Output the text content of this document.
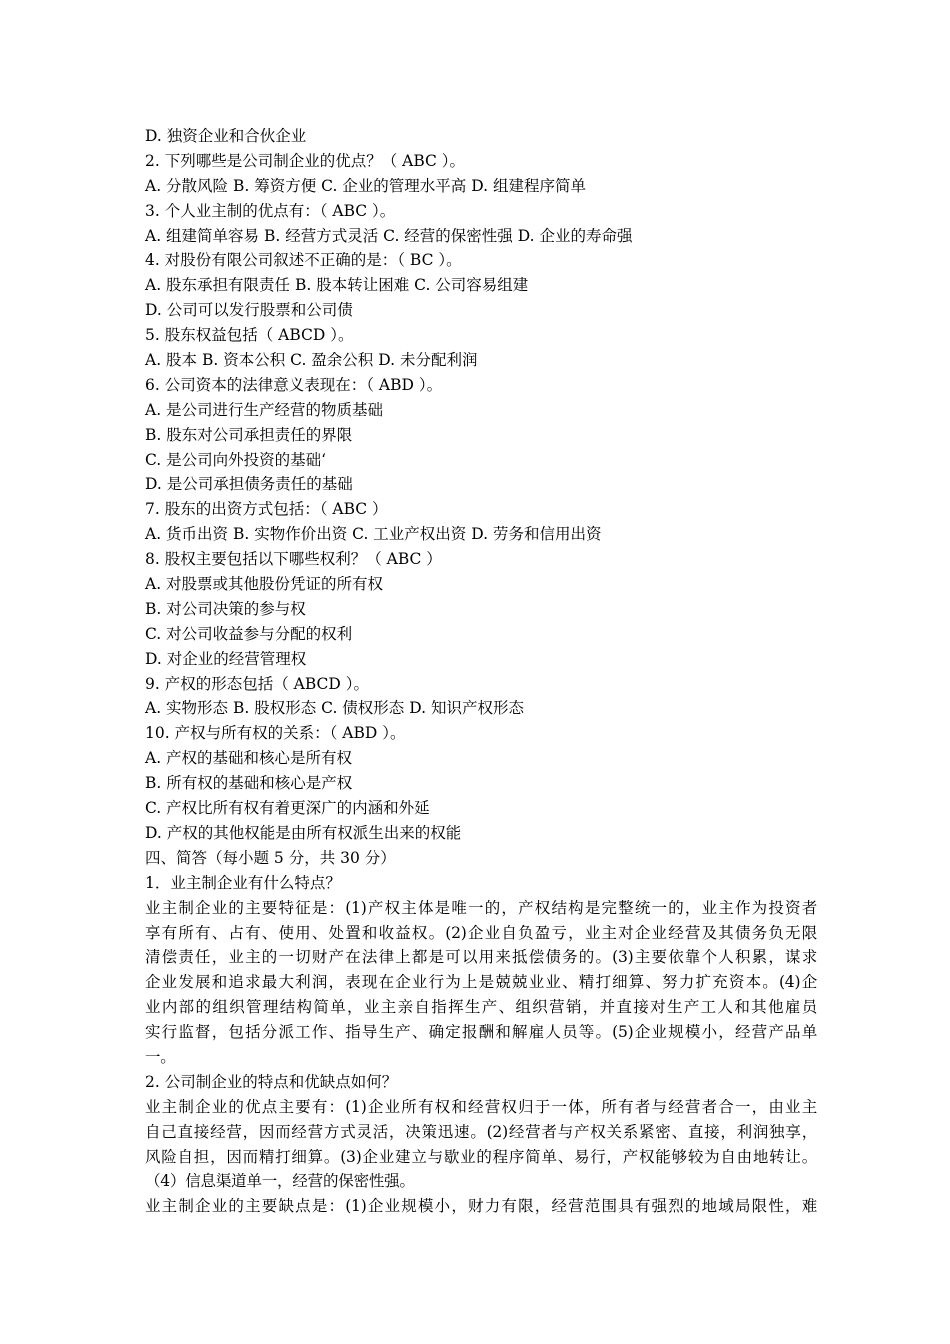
D. 独资企业和合伙企业
2. 下列哪些是公司制企业的优点？（ ABC ）。
A. 分散风险 B. 筹资方便 C. 企业的管理水平高 D. 组建程序简单
3. 个人业主制的优点有：（ ABC ）。
A. 组建简单容易 B. 经营方式灵活 C. 经营的保密性强 D. 企业的寿命强
4. 对股份有限公司叙述不正确的是：（ BC ）。
A. 股东承担有限责任 B. 股本转让困难 C. 公司容易组建
D. 公司可以发行股票和公司债
5. 股东权益包括（ ABCD ）。
A. 股本 B. 资本公积 C. 盈余公积 D. 未分配利润
6. 公司资本的法律意义表现在：（ ABD ）。
A. 是公司进行生产经营的物质基础
B. 股东对公司承担责任的界限
C. 是公司向外投资的基础‘
D. 是公司承担债务责任的基础
7. 股东的出资方式包括：（ ABC ）
A. 货币出资 B. 实物作价出资 C. 工业产权出资 D. 劳务和信用出资
8. 股权主要包括以下哪些权利？（ ABC ）
A. 对股票或其他股份凭证的所有权
B. 对公司决策的参与权
C. 对公司收益参与分配的权利
D. 对企业的经营管理权
9. 产权的形态包括（ ABCD ）。
A. 实物形态 B. 股权形态 C. 债权形态 D. 知识产权形态
10. 产权与所有权的关系：（ ABD ）。
A. 产权的基础和核心是所有权
B. 所有权的基础和核心是产权
C. 产权比所有权有着更深广的内涵和外延
D. 产权的其他权能是由所有权派生出来的权能
四、简答（每小题 5 分，共 30 分）
1．业主制企业有什么特点？
业主制企业的主要特征是：(1)产权主体是唯一的，产权结构是完整统一的，业主作为投资者
享有所有、占有、使用、处置和收益权。(2)企业自负盈亏，业主对企业经营及其债务负无限
清偿责任，业主的一切财产在法律上都是可以用来抵偿债务的。(3)主要依靠个人积累，谋求
企业发展和追求最大利润，表现在企业行为上是兢兢业业、精打细算、努力扩充资本。(4)企
业内部的组织管理结构简单，业主亲自指挥生产、组织营销，并直接对生产工人和其他雇员
实行监督，包括分派工作、指导生产、确定报酬和解雇人员等。(5)企业规模小，经营产品单
一。
2. 公司制企业的特点和优缺点如何？
业主制企业的优点主要有：(1)企业所有权和经营权归于一体，所有者与经营者合一，由业主
自己直接经营，因而经营方式灵活，决策迅速。(2)经营者与产权关系紧密、直接，利润独享，
风险自担，因而精打细算。(3)企业建立与歇业的程序简单、易行，产权能够较为自由地转让。
（4）信息渠道单一，经营的保密性强。
业主制企业的主要缺点是：(1)企业规模小，财力有限，经营范围具有强烈的地域局限性，难
